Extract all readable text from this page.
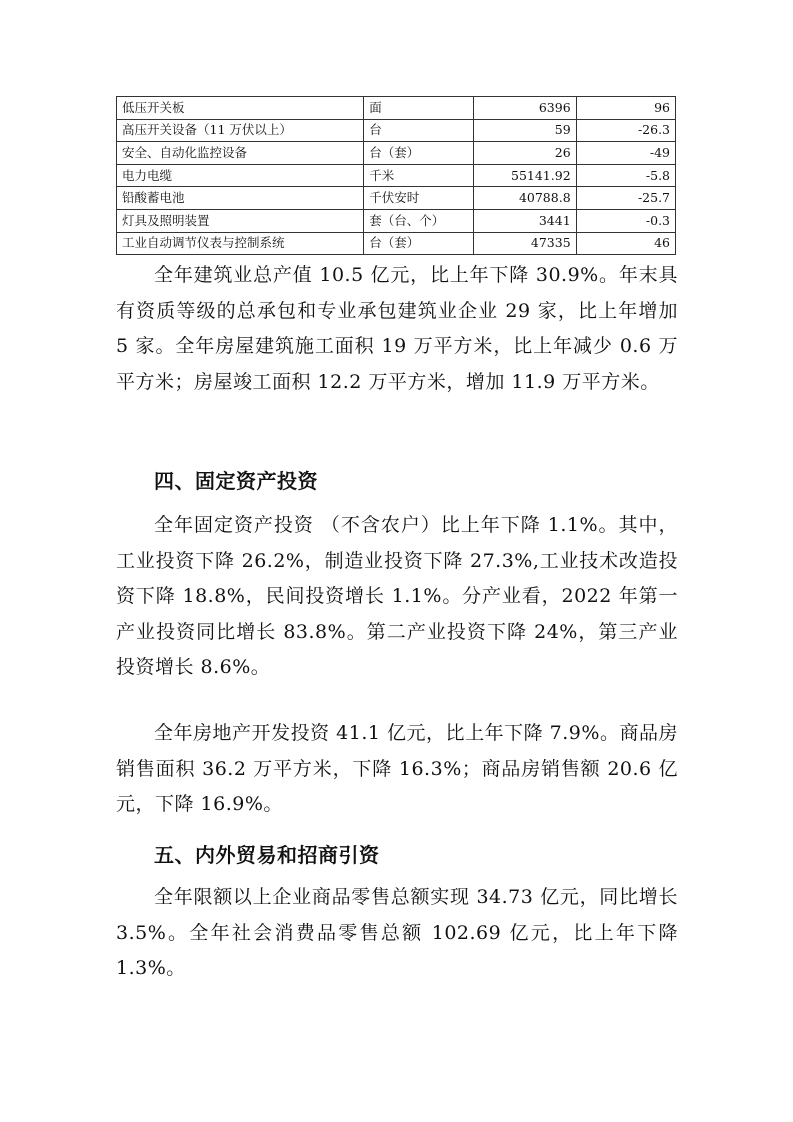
低压开关板	面	6396	96
高压开关设备（11 万伏以上）	台	59	-26.3
安全、自动化监控设备	台（套）	26	-49
电力电缆	千米	55141.92	-5.8
铅酸蓄电池	千伏安时	40788.8	-25.7
灯具及照明装置	套（台、个）	3441	-0.3
工业自动调节仪表与控制系统	台（套）	47335	46

全年建筑业总产值 10.5 亿元，比上年下降 30.9%。年末具有资质等级的总承包和专业承包建筑业企业 29 家，比上年增加 5 家。全年房屋建筑施工面积 19 万平方米，比上年减少 0.6 万平方米；房屋竣工面积 12.2 万平方米，增加 11.9 万平方米。

四、固定资产投资

全年固定资产投资 （不含农户）比上年下降 1.1%。其中，工业投资下降 26.2%，制造业投资下降 27.3%,工业技术改造投资下降 18.8%，民间投资增长 1.1%。分产业看，2022 年第一产业投资同比增长 83.8%。第二产业投资下降 24%，第三产业投资增长 8.6%。

全年房地产开发投资 41.1 亿元，比上年下降 7.9%。商品房销售面积 36.2 万平方米，下降 16.3%；商品房销售额 20.6 亿元，下降 16.9%。

五、内外贸易和招商引资

全年限额以上企业商品零售总额实现 34.73 亿元，同比增长 3.5%。全年社会消费品零售总额 102.69 亿元，比上年下降 1.3%。
